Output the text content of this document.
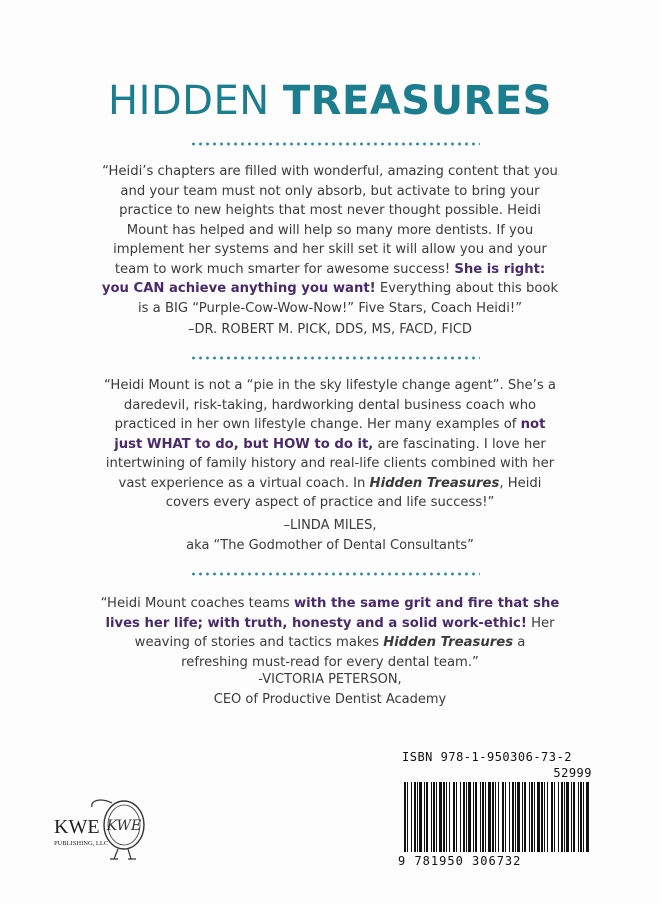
HIDDEN TREASURES
“Heidi’s chapters are filled with wonderful, amazing content that you and your team must not only absorb, but activate to bring your practice to new heights that most never thought possible. Heidi Mount has helped and will help so many more dentists. If you implement her systems and her skill set it will allow you and your team to work much smarter for awesome success! She is right: you CAN achieve anything you want! Everything about this book is a BIG “Purple-Cow-Wow-Now!” Five Stars, Coach Heidi!”
–DR. ROBERT M. PICK, DDS, MS, FACD, FICD
“Heidi Mount is not a “pie in the sky lifestyle change agent”. She’s a daredevil, risk-taking, hardworking dental business coach who practiced in her own lifestyle change. Her many examples of not just WHAT to do, but HOW to do it, are fascinating. I love her intertwining of family history and real-life clients combined with her vast experience as a virtual coach. In Hidden Treasures, Heidi covers every aspect of practice and life success!”
–LINDA MILES,
aka “The Godmother of Dental Consultants”
“Heidi Mount coaches teams with the same grit and fire that she lives her life; with truth, honesty and a solid work-ethic! Her weaving of stories and tactics makes Hidden Treasures a refreshing must-read for every dental team.”
-VICTORIA PETERSON,
CEO of Productive Dentist Academy
KWE
KWE
PUBLISHING, LLC
ISBN 978-1-950306-73-2
52999
9 781950 306732
